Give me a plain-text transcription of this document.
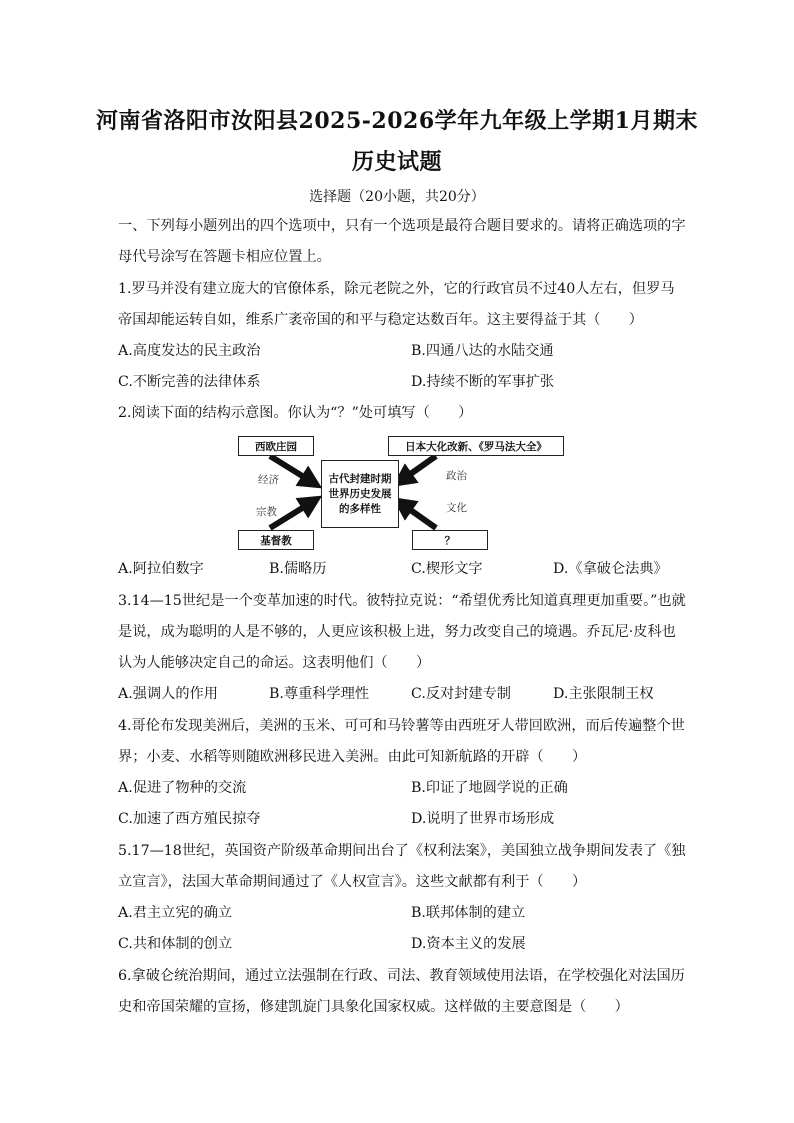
河南省洛阳市汝阳县2025-2026学年九年级上学期1月期末
历史试题
选择题（20小题，共20分）
一、下列每小题列出的四个选项中，只有一个选项是最符合题目要求的。请将正确选项的字
母代号涂写在答题卡相应位置上。
1.罗马并没有建立庞大的官僚体系，除元老院之外，它的行政官员不过40人左右，但罗马
帝国却能运转自如，维系广袤帝国的和平与稳定达数百年。这主要得益于其（　　）
A.高度发达的民主政治	B.四通八达的水陆交通
C.不断完善的法律体系	D.持续不断的军事扩张
2.阅读下面的结构示意图。你认为“？”处可填写（　　）
西欧庄园	日本大化改新、《罗马法大全》
古代封建时期
世界历史发展
的多样性
基督教	？
经济
宗教
政治
文化
A.阿拉伯数字	B.儒略历	C.楔形文字	D.《拿破仑法典》
3.14—15世纪是一个变革加速的时代。彼特拉克说：“希望优秀比知道真理更加重要。”也就
是说，成为聪明的人是不够的，人更应该积极上进，努力改变自己的境遇。乔瓦尼·皮科也
认为人能够决定自己的命运。这表明他们（　　）
A.强调人的作用	B.尊重科学理性	C.反对封建专制	D.主张限制王权
4.哥伦布发现美洲后，美洲的玉米、可可和马铃薯等由西班牙人带回欧洲，而后传遍整个世
界；小麦、水稻等则随欧洲移民进入美洲。由此可知新航路的开辟（　　）
A.促进了物种的交流	B.印证了地圆学说的正确
C.加速了西方殖民掠夺	D.说明了世界市场形成
5.17—18世纪，英国资产阶级革命期间出台了《权利法案》，美国独立战争期间发表了《独
立宣言》，法国大革命期间通过了《人权宣言》。这些文献都有利于（　　）
A.君主立宪的确立	B.联邦体制的建立
C.共和体制的创立	D.资本主义的发展
6.拿破仑统治期间，通过立法强制在行政、司法、教育领域使用法语，在学校强化对法国历
史和帝国荣耀的宣扬，修建凯旋门具象化国家权威。这样做的主要意图是（　　）
